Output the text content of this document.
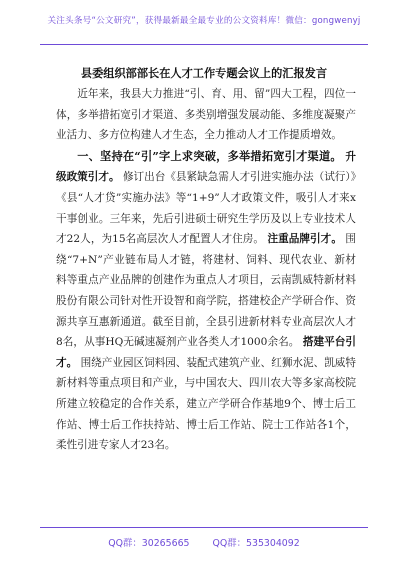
关注头条号“公文研究”，获得最新最全最专业的公文资料库！微信：gongwenyj
县委组织部部长在人才工作专题会议上的汇报发言

近年来，我县大力推进“引、育、用、留”四大工程，四位一体，多举措拓宽引才渠道、多类别增强发展动能、多维度凝聚产业活力、多方位构建人才生态，全力推动人才工作提质增效。

一、坚持在“引”字上求突破，多举措拓宽引才渠道。 升级政策引才。 修订出台《县紧缺急需人才引进实施办法（试行）》《县“人才贷”实施办法》等“1+9”人才政策文件，吸引人才来x干事创业。三年来，先后引进硕士研究生学历及以上专业技术人才22人，为15名高层次人才配置人才住房。 注重品牌引才。 围绕“7+N”产业链布局人才链，将建材、饲料、现代农业、新材料等重点产业品牌的创建作为重点人才项目，云南凯威特新材料股份有限公司针对性开设智和商学院，搭建校企产学研合作、资源共享互惠新通道。截至目前，全县引进新材料专业高层次人才8名，从事HQ无碱速凝剂产业各类人才1000余名。 搭建平台引才。 围绕产业园区饲料园、装配式建筑产业、红狮水泥、凯威特新材料等重点项目和产业，与中国农大、四川农大等多家高校院所建立较稳定的合作关系，建立产学研合作基地9个、博士后工作站、博士后工作扶持站、博士后工作站、院士工作站各1个，柔性引进专家人才23名。

QQ群：30265665 QQ群：535304092
